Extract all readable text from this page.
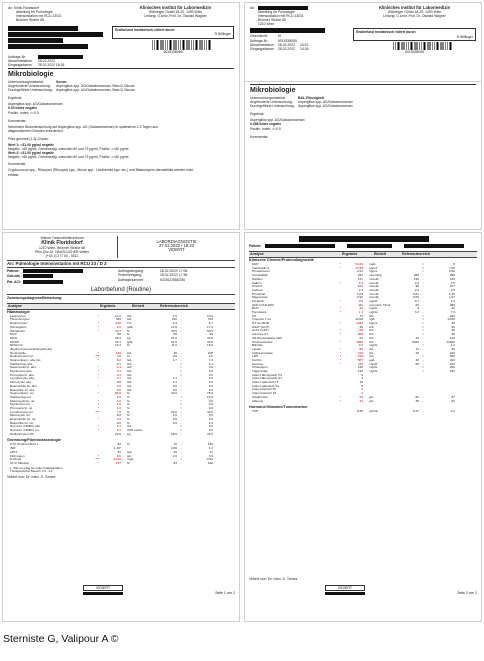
An: Klinik Floridsdorf
Abteilung für Pulmologie
Intensivstation mit RCU 23/D2
Brünner Straße 68
Klinisches Institut für Labormedizin
Währinger Gürtel 18-20, 1090 Wien
Leitung: O.Univ.-Prof. Dr. Oswald Wagner
Endbefund medizinisch vidiert durch
R.Willinger
6015338065
Auftrags-Nr.
Abnahmedatum	28.02.2022
Eingangsdatum	28.02.2022 16:26
Mikrobiologie
Untersuchungsmaterial:	Serum
Angeforderte Untersuchung:	Aspergillus spp. AG/Galactomannan, Beta-D-Glucan
Durchgeführte Untersuchung:	Aspergillus spp. AG/Galactomannan, Beta-D-Glucan
Ergebnis:
Aspergillus spp. AG/Galactomannan
0.03 Index negativ
Positiv: Index: >=0.5
Kommentar:
Neuerliche Blutuntersuchung auf Aspergillus spp. AG (Galactomannan) in spätestens 2-3 Tagen aus
diagnostischen Gründen erforderlich.
Pilze generell (1,3)-Glucan:
Wert 1: <31.00 pg/ml negativ
Negativ: <60 pg/ml, Grenzwertig: zwischen 60 und 79 pg/ml, Positiv: >=80 pg/ml
Wert 2: <31.00 pg/ml negativ
Negativ: <60 pg/ml, Grenzwertig: zwischen 60 und 79 pg/ml, Positiv: >=80 pg/ml
Kommentar:
Cryptococcus spp., Rhizopus (Rhizopus spp., Mucor spp., Lichtheimia spp. etc.) und Blastomyces dermatitidis werden nicht
erfasst.
An:
Abteilung für Pulmologie
Intensivstation mit RCU 23/D2
Brünner Straße 68
1210 Wien
Klinisches Institut für Labormedizin
Währinger Gürtel 18-20, 1090 Wien
Leitung: O.Univ.-Prof. Dr. Oswald Wagner
Geschlecht:	M
Auftrags-Nr.:	6015338065
Abnahmedatum	28.02.2022	15:01
Eingangsdatum	28.02.2022	16:26
Endbefund medizinisch vidiert durch
R.Willinger
6015338065
Mikrobiologie
Untersuchungsmaterial:	BAL-Flüssigkeit
Angeforderte Untersuchung:	Aspergillus spp. AG/Galactomannan
Durchgeführte Untersuchung:	Aspergillus spp. AG/Galactomannan
Ergebnis:
Aspergillus spp. AG/Galactomannan
0.088 Index negativ
Positiv: Index: >=0.5
Kommentar:
Wiener Gesundheitsverbund
Klinik Floridsdorf
1210 Wien, Brünner Straße 68
Prim.Doz.Dr. HAUSLUCHER Walter
(+43 1) 277 00 - 5512
LABORDIAGNOSTIK
27.02.2022 / 18:23
VIDIERT
An: Pulmologie Intensivstation mit RCU 23 / D 2
Patient:
Geb.dat.:
Pat. ACI:
Auftragseingang:	28.02.2022/ 17:06
Probeneingang:	28.02.2022/ 17:56
Auftragsnummer:	N2/3022566/236
Laborbefund (Routine)
Zuweisungsdiagnose/Bemerkung:
Analyse	Ergebnis	Einheit	Referenzbereich
Hämatologie
Leukozyten	*	16.2	G/L	4.0	-	10.0
Thrombozyten	349	G/L	150	-	370
Erythrozyten	*	3.60	T/L	4.3	-	5.7
Hämoglobin	*	9.5	g/dL	13.5	-	17.2
Hämatokrit	*	30.7	%	39.5	-	50.5
MCV	86	fL	80	-	99
MCH	28.4	pg	27.0	-	33.5
MCHC	32.1	g/dL	31.5	-	36.0
RDW-CV	13.4	%	11.5	-	15.0
(Erythrozytenverteilungsbreite)
Neutrophile	*	109	G/L	25	-	105
Retikulozyten rel.	***	3.6	%	0.5	-	2.0
Segmentkern. abs./rel.	*	8.2	G/L	1.7	-	7.2
Stabkernige abs.	0.1	G/L	<	0.1
Metamyelozyt. abs.	*	0.1	G/L	<	0.0
Myelozyten abs.	*	0.3	G/L	<	0.0
Promyelozyt. abs.	*	0.1	G/L	<	0.0
Lymphozyten abs.	*	0.7	G/L	1.1	-	4.5
Monozyten abs.	0.8	G/L	0.1	-	0.9
Eosinophile Gr. abs.	*	0.0	G/L	0.0	-	0.5
Basophile Gr. abs.	0.0	G/L	0.0	-	0.2
Segmentkern. rel.	*	80.0	%	40.0	-	75.0
Stabkernige rel.	1.0	%	<	10.0
Metamyelozyt. rel.	*	1.0	%	<	0.0
Myelozyten rel.	*	1.9	%	<	0.0
Promyelozyt. rel.	*	1.0	%	<	0.0
Lymphozyten rel.	***	7.6	%	20.0	-	44.0
Monozyten rel.	6.0	%	2.0	-	9.5
Eosinophile Gr. rel.	*	0.0	%	0.5	-	5.5
Basophile Gr. rel.	0.0	%	0.0	-	1.0
Normobl. (NRBC) abs.	*	0.1	G/L	<	0.0
Normobl. (NRBC) rel.	*	1.0	/100 Leuko	<	0.0
Retikulozyten-Hb	29.6	pg	28.5	-	34.5
Gerinnung/Fibrinostaseologie
PTZ (Prothrombinz.)	83	%	70	-	130
INR	1.10*	0.86	-	1.2
aPTT	35	sek	26	-	37
Fibrinogen	*	6.6	g/L	2.0	-	3.9
D-Dimer	***	24.19	mg/L	<	0.50
AT III Aktivität	*	137	%	83	-	128
1. INR nur gültig bei oraler Antikoagulation
Therapeutischer Bereich: 2.0 - 4.0
Vidiert von: Dr. med. S. Tomez
VIDIERT
Seite 1 von 2
Patient:
Analyse	Ergebnis	Einheit	Referenzbereich
Klinische Chemie/Proteindiagnostik
CRP	*	54.34	mg/L	<	5
Interleukin-6	*	17.36	pg/mL	<	7.00
Procalcitonin	0.21	ng/mL	<	0.50
Osmolalität	291	mosm/kg	280	-	296
Natrium	137	mmol/L	136	-	145
Kalium	*	4.9	mmol/L	3.4	-	4.5
Chlorid	101	mmol/L	98	-	107
Calcium	2.3	mmol/L	2.2	-	2.5
Phosphat	1.04	mmol/L	0.81	-	1.45
Magnesium	0.92	mmol/L	0.66	-	1.07
Kreatinin	*	0.6	mg/dL	0.7	-	1.2
GFR (CKD-EPI)	111	mL/min/1.73m2	60	-	999
BUN	*	26	mg/dL	6	-	20
Harnsäure	*	1.3	mg/dL	3.4	-	7.0
CK	71	U/L	<	190
Troponin T-hs	10.00	ng/L	<	14.00
NT pro-BNP	*	4424	pg/mL	<	84
ASAT (GOT)	39	U/L	<	50
ALAT (GPT)	*	59	U/L	<	50
Gamma-GT	*	406	U/L	<	60
Alk.Phosphatase (AP)	63	U/L	40	-	129
Cholinesterase	*	4056	U/L	5320	-	12920
Bilirubin	0.4	mg/dL	<	1.2
Lipase	*	83	U/L	13	-	60
Alpha-Amylase	*	116	U/L	28	-	100
LDH	*	379	U/L	<	250
Ferritin	*	587	µg/L	30	-	400
Glucose	*	110	mg/dL	60	-	100
Cholesterin	195	mg/dL	<	200
Triglyceride	142	mg/dL	<	150
Index Hämolytisch H1	6
Index Hämolytisch S1	3
Index Lipämisch HI	16
Index Lipämisch S1	8
Index Ikterisch HI	1
Index Ikterisch S1	1
Totalprotein	*	55	g/L	66	-	87
Albumin	*	31	g/L	35	-	52
Hormone/Vitamine/Tumormarker
TSH	0.85	µU/mL	0.27	-	4.2
Vidiert von: Dr. med. S. Tomez
VIDIERT
Seite 2 von 2
Sterniste G, Valipour A ©
